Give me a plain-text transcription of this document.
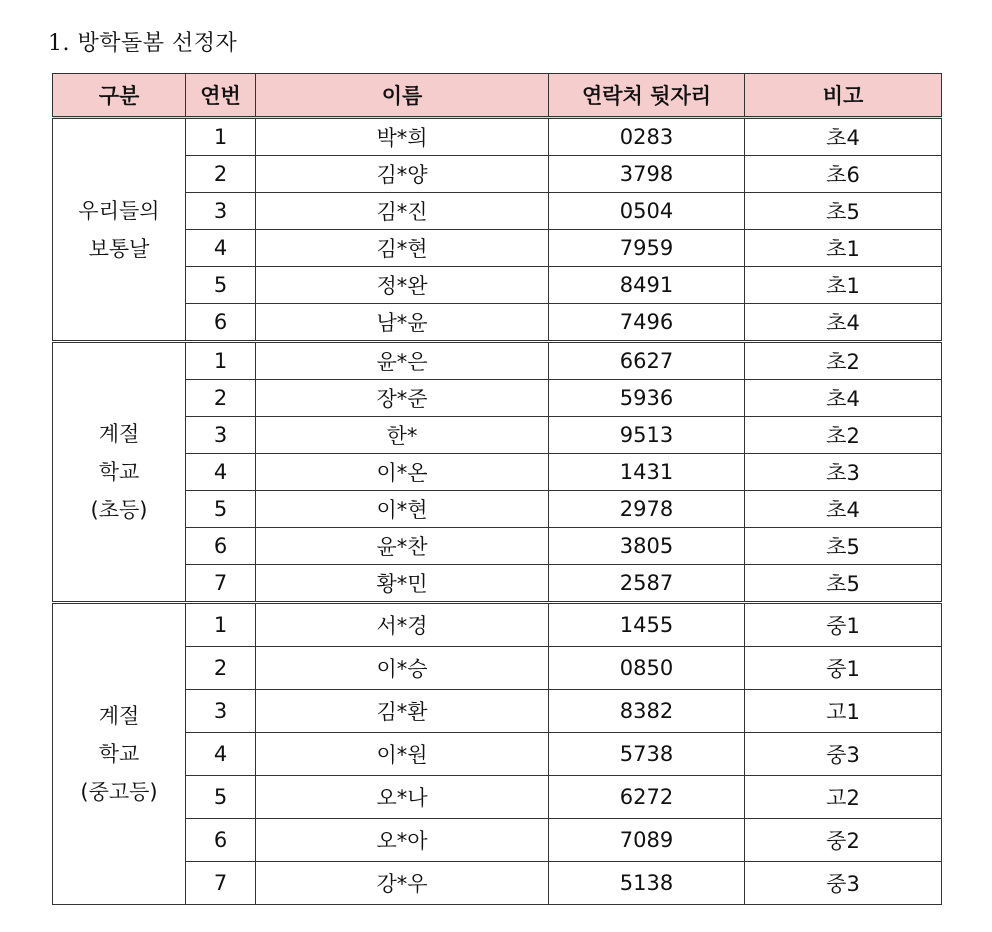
1. 방학돌봄 선정자
구분	연번	이름	연락처 뒷자리	비고

우리들의
보통날	1	박*희	0283	초4
	2	김*양	3798	초6
	3	김*진	0504	초5
	4	김*현	7959	초1
	5	정*완	8491	초1
	6	남*윤	7496	초4

계절
학교
(초등)	1	윤*은	6627	초2
	2	장*준	5936	초4
	3	한*	9513	초2
	4	이*온	1431	초3
	5	이*현	2978	초4
	6	윤*찬	3805	초5
	7	황*민	2587	초5

계절
학교
(중고등)	1	서*경	1455	중1
	2	이*승	0850	중1
	3	김*환	8382	고1
	4	이*원	5738	중3
	5	오*나	6272	고2
	6	오*아	7089	중2
	7	강*우	5138	중3
